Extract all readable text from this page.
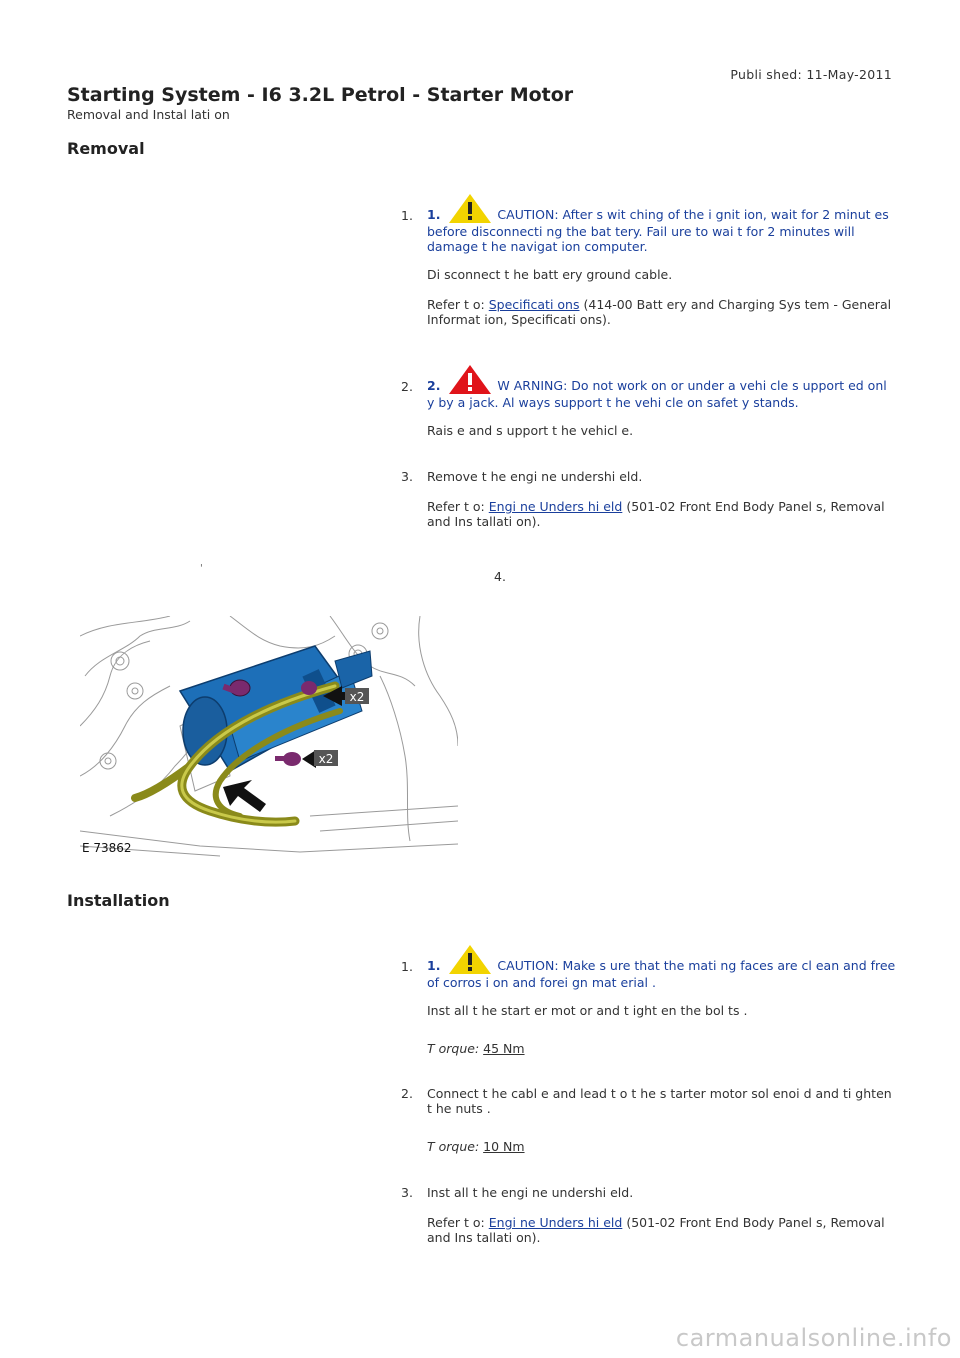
Publi shed: 11-May-2011
Starting System - I6 3.2L Petrol - Starter Motor
Removal and Instal lati on
Removal
1.	1.	CAUTION: After s wit ching of the i gnit ion, wait for 2 minut es before disconnecti ng the bat tery. Fail ure to wai t for 2 minutes will damage t he navigat ion computer.
Di sconnect t he batt ery ground cable.
Refer t o: Specificati ons (414-00 Batt ery and Charging Sys tem - General Informat ion, Specificati ons).
2.	2.	W ARNING: Do not work on or under a vehi cle s upport ed onl y by a jack. Al ways support t he vehi cle on safet y stands.
Rais e and s upport t he vehicl e.
3.	Remove t he engi ne undershi eld.
Refer t o: Engi ne Unders hi eld (501-02 Front End Body Panel s, Removal and Ins tallati on).
'
4.
x2
x2
E 73862
Installation
1.	1.	CAUTION: Make s ure that the mati ng faces are cl ean and free of corros i on and forei gn mat erial .
Inst all t he start er mot or and t ight en the bol ts .
T orque: 45 Nm
2.	Connect t he cabl e and lead t o t he s tarter motor sol enoi d and ti ghten t he nuts .
T orque: 10 Nm
3.	Inst all t he engi ne undershi eld.
Refer t o: Engi ne Unders hi eld (501-02 Front End Body Panel s, Removal and Ins tallati on).
carmanualsonline.info
